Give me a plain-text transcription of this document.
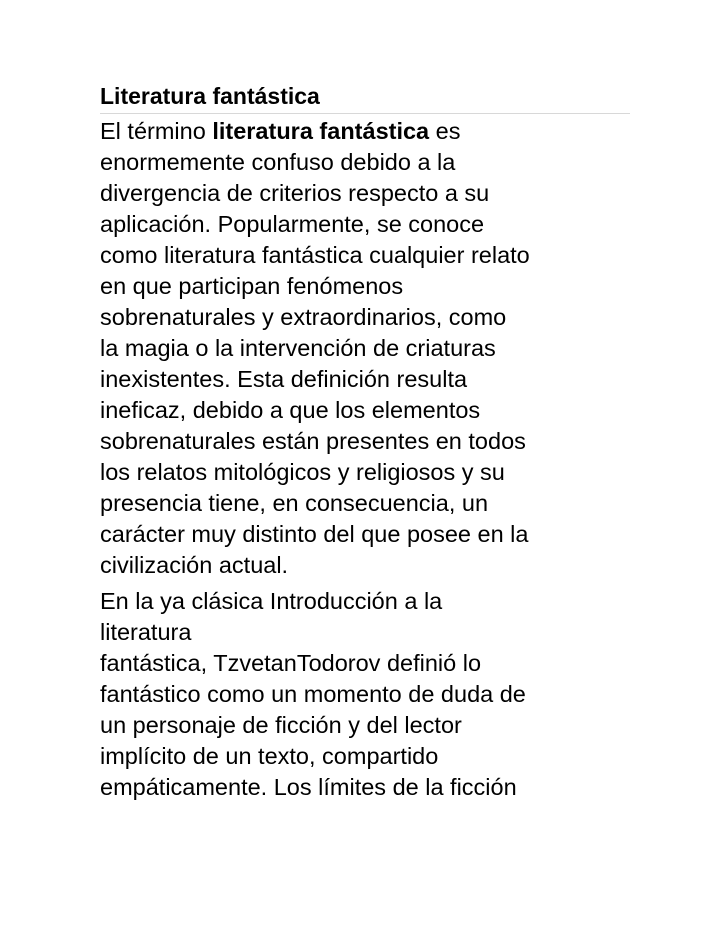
Literatura fantástica

El término literatura fantástica es

enormemente confuso debido a la

divergencia de criterios respecto a su

aplicación. Popularmente, se conoce

como literatura fantástica cualquier relato

en que participan fenómenos

sobrenaturales y extraordinarios, como

la magia o la intervención de criaturas

inexistentes. Esta definición resulta

ineficaz, debido a que los elementos

sobrenaturales están presentes en todos

los relatos mitológicos y religiosos y su

presencia tiene, en consecuencia, un

carácter muy distinto del que posee en la

civilización actual.

En la ya clásica Introducción a la

literatura

fantástica, TzvetanTodorov definió lo

fantástico como un momento de duda de

un personaje de ficción y del lector

implícito de un texto, compartido

empáticamente. Los límites de la ficción
